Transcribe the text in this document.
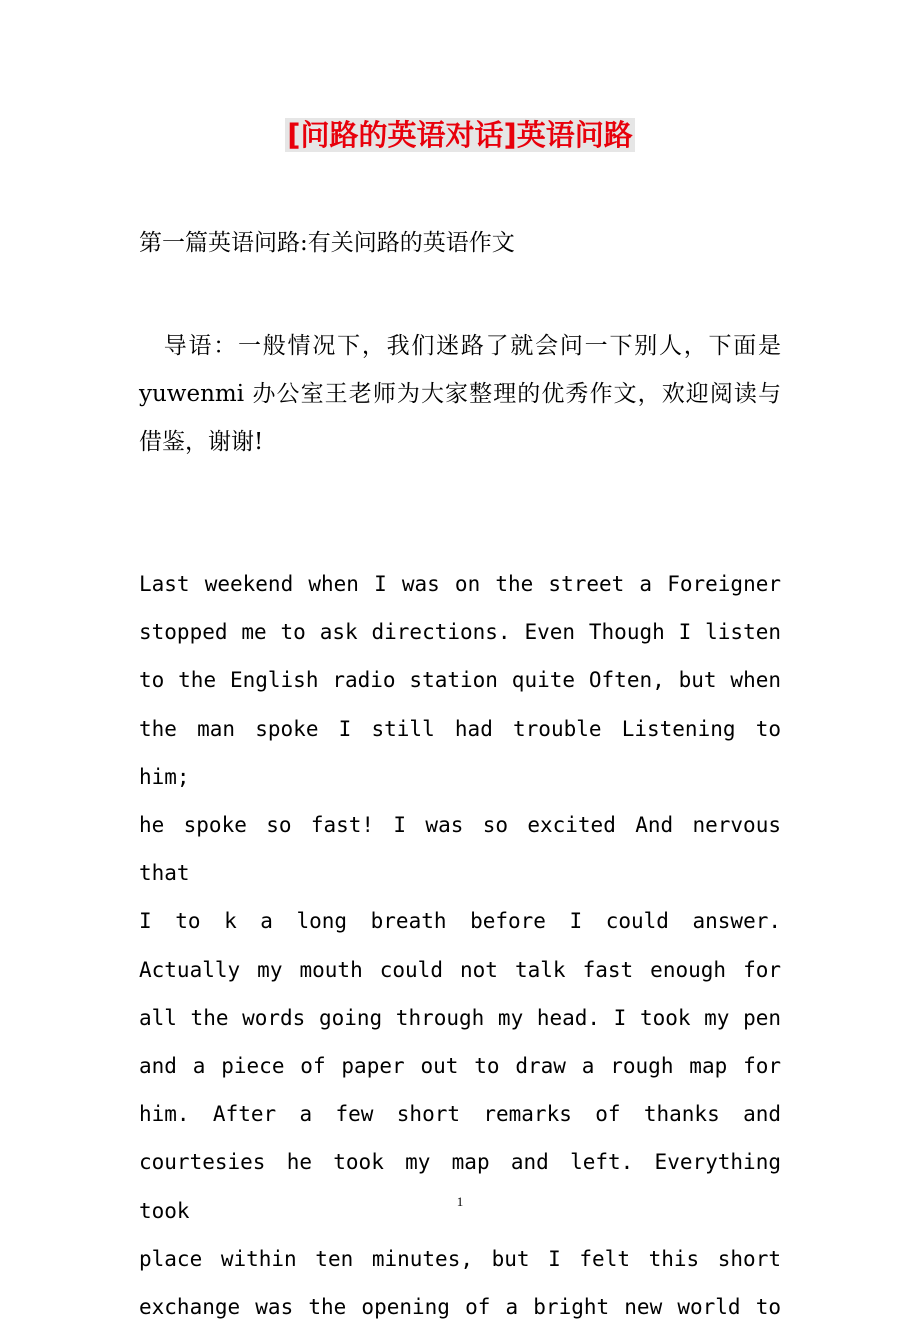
[问路的英语对话]英语问路
第一篇英语问路:有关问路的英语作文
　导语：一般情况下，我们迷路了就会问一下别人，下面是
yuwenmi 办公室王老师为大家整理的优秀作文，欢迎阅读与
借鉴，谢谢!
Last weekend when I was on the street a Foreigner
stopped me to ask directions. Even Though I listen
to the English radio station quite Often, but when
the man spoke I still had trouble Listening to him;
he spoke so fast! I was so excited And nervous that
I to k a long breath before I could answer.
Actually my mouth could not talk fast enough for
all the words going through my head. I took my pen
and a piece of paper out to draw a rough map for
him. After a few short remarks of thanks and
courtesies he took my map and left. Everything took
place within ten minutes, but I felt this short
exchange was the opening of a bright new world to
1
